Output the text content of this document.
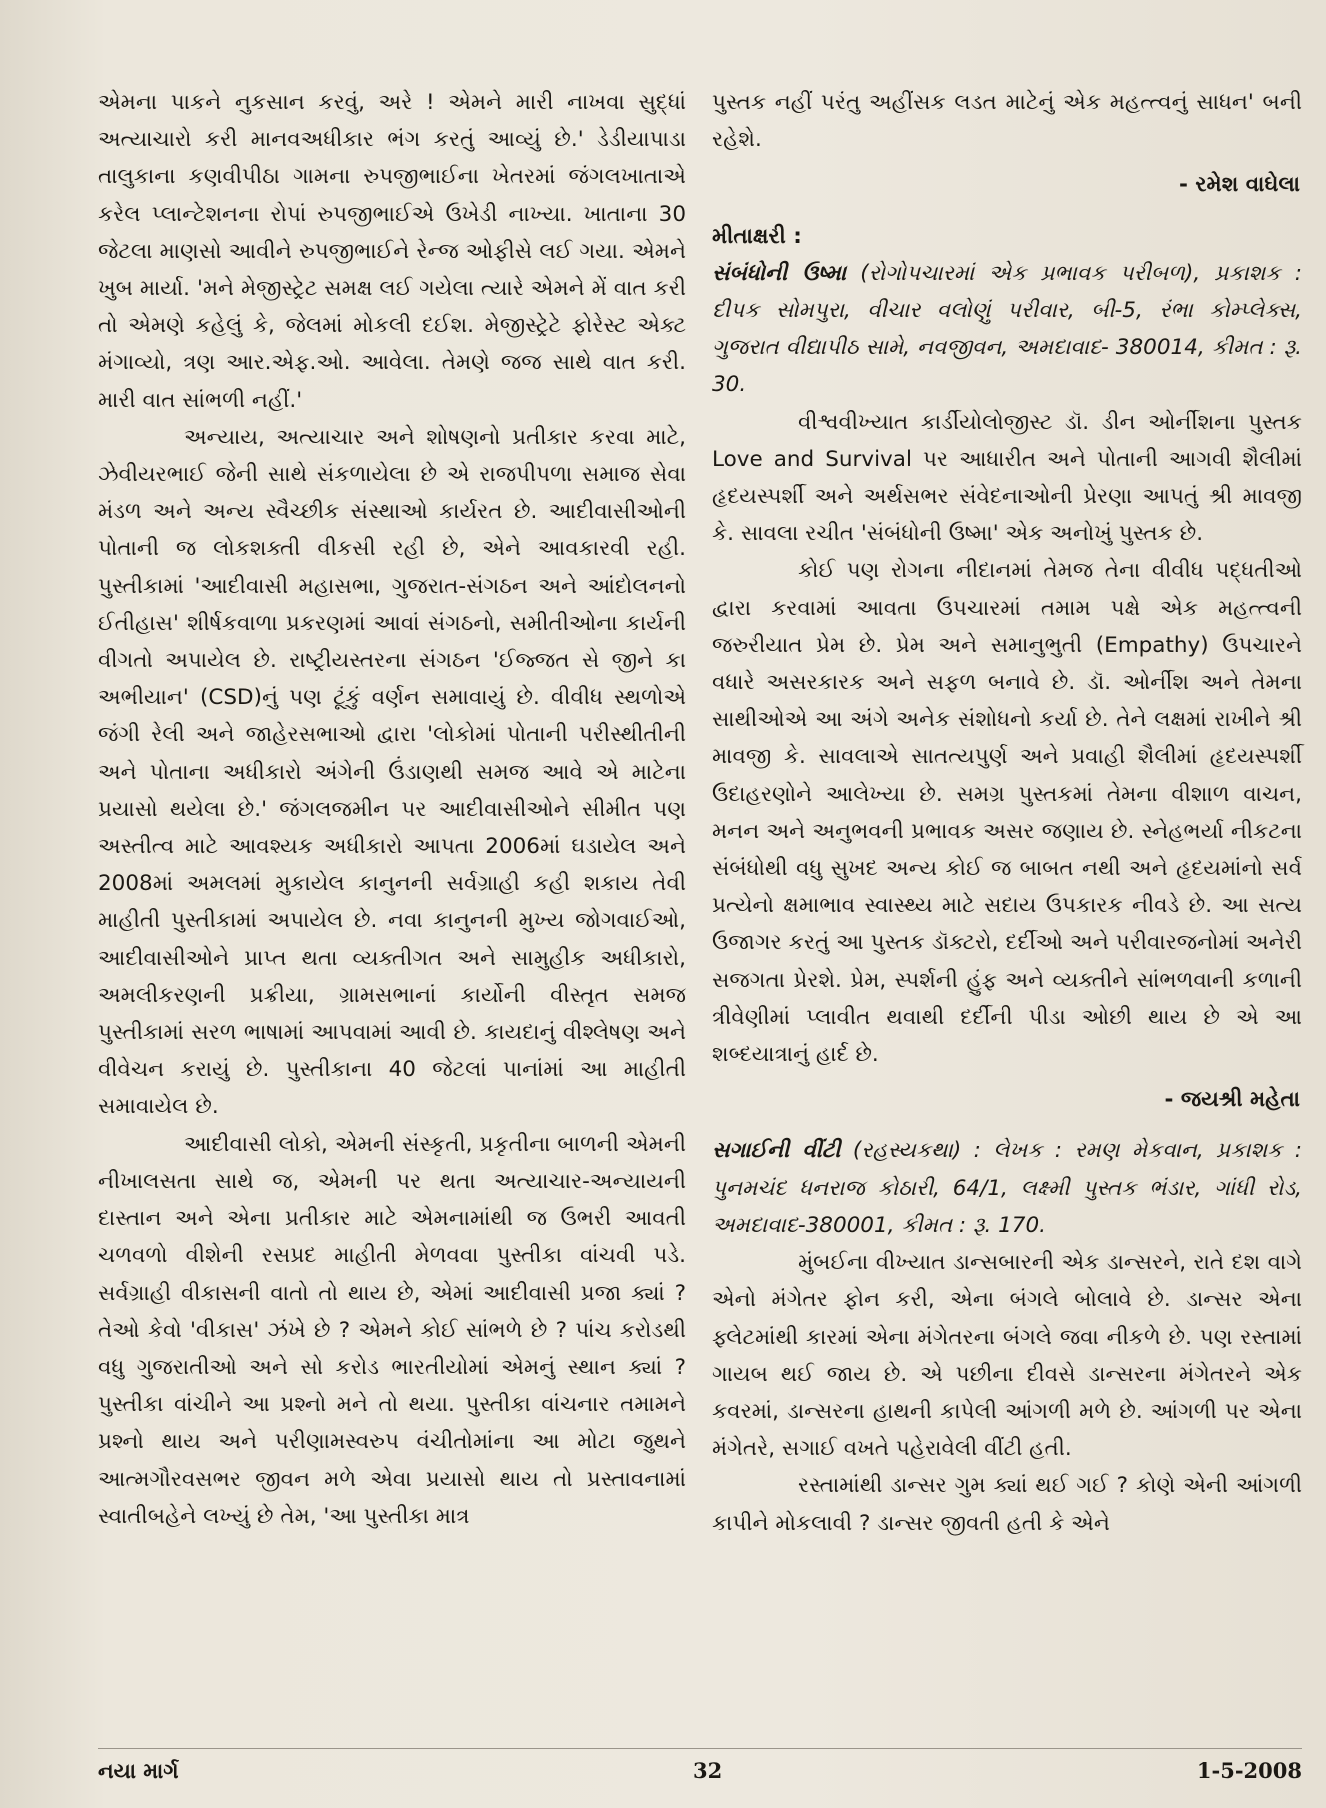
એમના પાકને નુકસાન કરવું, અરે ! એમને મારી નાખવા સુદ્ધાં અત્યાચારો કરી માનવઅધીકાર ભંગ કરતું આવ્યું છે.' ડેડીયાપાડા તાલુકાના કણવીપીઠા ગામના રુપજીભાઈના ખેતરમાં જંગલખાતાએ કરેલ પ્લાન્ટેશનના રોપાં રુપજીભાઈએ ઉખેડી નાખ્યા. ખાતાના 30 જેટલા માણસો આવીને રુપજીભાઈને રેન્જ ઓફીસે લઈ ગયા. એમને ખુબ માર્યા. 'મને મેજીસ્ટ્રેટ સમક્ષ લઈ ગયેલા ત્યારે એમને મેં વાત કરી તો એમણે કહેલું કે, જેલમાં મોકલી દઈશ. મેજીસ્ટ્રેટે ફોરેસ્ટ એક્ટ મંગાવ્યો, ત્રણ આર.એફ.ઓ. આવેલા. તેમણે જજ સાથે વાત કરી. મારી વાત સાંભળી નહીં.'

અન્યાય, અત્યાચાર અને શોષણનો પ્રતીકાર કરવા માટે, ઝેવીયરભાઈ જેની સાથે સંકળાયેલા છે એ રાજપીપળા સમાજ સેવા મંડળ અને અન્ય સ્વૈચ્છીક સંસ્થાઓ કાર્યરત છે. આદીવાસીઓની પોતાની જ લોકશક્તી વીકસી રહી છે, એને આવકારવી રહી. પુસ્તીકામાં 'આદીવાસી મહાસભા, ગુજરાત-સંગઠન અને આંદોલનનો ઈતીહાસ' શીર્ષકવાળા પ્રકરણમાં આવાં સંગઠનો, સમીતીઓના કાર્યની વીગતો અપાયેલ છે. રાષ્ટ્રીયસ્તરના સંગઠન 'ઈજ્જત સે જીને કા અભીયાન' (CSD)નું પણ ટૂંકું વર્ણન સમાવાયું છે. વીવીધ સ્થળોએ જંગી રેલી અને જાહેરસભાઓ દ્વારા 'લોકોમાં પોતાની પરીસ્થીતીની અને પોતાના અધીકારો અંગેની ઉંડાણથી સમજ આવે એ માટેના પ્રયાસો થયેલા છે.' જંગલજમીન પર આદીવાસીઓને સીમીત પણ અસ્તીત્વ માટે આવશ્યક અધીકારો આપતા 2006માં ઘડાયેલ અને 2008માં અમલમાં મુકાયેલ કાનુનની સર્વગ્રાહી કહી શકાય તેવી માહીતી પુસ્તીકામાં અપાયેલ છે. નવા કાનુનની મુખ્ય જોગવાઈઓ, આદીવાસીઓને પ્રાપ્ત થતા વ્યક્તીગત અને સામુહીક અધીકારો, અમલીકરણની પ્રક્રીયા, ગ્રામસભાનાં કાર્યોની વીસ્તૃત સમજ પુસ્તીકામાં સરળ ભાષામાં આપવામાં આવી છે. કાયદાનું વીશ્લેષણ અને વીવેચન કરાયું છે. પુસ્તીકાના 40 જેટલાં પાનાંમાં આ માહીતી સમાવાયેલ છે.

આદીવાસી લોકો, એમની સંસ્કૃતી, પ્રકૃતીના બાળની એમની નીખાલસતા સાથે જ, એમની પર થતા અત્યાચાર-અન્યાયની દાસ્તાન અને એના પ્રતીકાર માટે એમનામાંથી જ ઉભરી આવતી ચળવળો વીશેની રસપ્રદ માહીતી મેળવવા પુસ્તીકા વાંચવી પડે. સર્વગ્રાહી વીકાસની વાતો તો થાય છે, એમાં આદીવાસી પ્રજા ક્યાં ? તેઓ કેવો 'વીકાસ' ઝંખે છે ? એમને કોઈ સાંભળે છે ? પાંચ કરોડથી વધુ ગુજરાતીઓ અને સો કરોડ ભારતીયોમાં એમનું સ્થાન ક્યાં ? પુસ્તીકા વાંચીને આ પ્રશ્નો મને તો થયા. પુસ્તીકા વાંચનાર તમામને પ્રશ્નો થાય અને પરીણામસ્વરુપ વંચીતોમાંના આ મોટા જુથને આત્મગૌરવસભર જીવન મળે એવા પ્રયાસો થાય તો પ્રસ્તાવનામાં સ્વાતીબહેને લખ્યું છે તેમ, 'આ પુસ્તીકા માત્ર

પુસ્તક નહીં પરંતુ અહીંસક લડત માટેનું એક મહત્ત્વનું સાધન' બની રહેશે.

- રમેશ વાઘેલા

મીતાક્ષરી :

સંબંધોની ઉષ્મા (રોગોપચારમાં એક પ્રભાવક પરીબળ), પ્રકાશક : દીપક સોમપુરા, વીચાર વલોણું પરીવાર, બી-5, રંભા કોમ્પ્લેક્સ, ગુજરાત વીદ્યાપીઠ સામે, નવજીવન, અમદાવાદ- 380014, કીમત : રૂ. 30.

વીશ્વવીખ્યાત કાર્ડીયોલોજીસ્ટ ડૉ. ડીન ઓર્નીશના પુસ્તક Love and Survival પર આધારીત અને પોતાની આગવી શૈલીમાં હૃદયસ્પર્શી અને અર્થસભર સંવેદનાઓની પ્રેરણા આપતું શ્રી માવજી કે. સાવલા રચીત 'સંબંધોની ઉષ્મા' એક અનોખું પુસ્તક છે.

કોઈ પણ રોગના નીદાનમાં તેમજ તેના વીવીધ પદ્ધતીઓ દ્વારા કરવામાં આવતા ઉપચારમાં તમામ પક્ષે એક મહત્ત્વની જરુરીયાત પ્રેમ છે. પ્રેમ અને સમાનુભુતી (Empathy) ઉપચારને વધારે અસરકારક અને સફળ બનાવે છે. ડૉ. ઓર્નીશ અને તેમના સાથીઓએ આ અંગે અનેક સંશોધનો કર્યા છે. તેને લક્ષમાં રાખીને શ્રી માવજી કે. સાવલાએ સાતત્યપુર્ણ અને પ્રવાહી શૈલીમાં હૃદયસ્પર્શી ઉદાહરણોને આલેખ્યા છે. સમગ્ર પુસ્તકમાં તેમના વીશાળ વાચન, મનન અને અનુભવની પ્રભાવક અસર જણાય છે. સ્નેહભર્યા નીકટના સંબંધોથી વધુ સુખદ અન્ય કોઈ જ બાબત નથી અને હૃદયમાંનો સર્વ પ્રત્યેનો ક્ષમાભાવ સ્વાસ્થ્ય માટે સદાય ઉપકારક નીવડે છે. આ સત્ય ઉજાગર કરતું આ પુસ્તક ડૉક્ટરો, દર્દીઓ અને પરીવારજનોમાં અનેરી સજગતા પ્રેરશે. પ્રેમ, સ્પર્શની હુંફ અને વ્યક્તીને સાંભળવાની કળાની ત્રીવેણીમાં પ્લાવીત થવાથી દર્દીની પીડા ઓછી થાય છે એ આ શબ્દયાત્રાનું હાર્દ છે.

- જયશ્રી મહેતા

સગાઈની વીંટી (રહસ્યકથા) : લેખક : રમણ મેકવાન, પ્રકાશક : પુનમચંદ ધનરાજ કોઠારી, 64/1, લક્ષ્મી પુસ્તક ભંડાર, ગાંધી રોડ, અમદાવાદ-380001, કીમત : રૂ. 170.

મુંબઈના વીખ્યાત ડાન્સબારની એક ડાન્સરને, રાતે દશ વાગે એનો મંગેતર ફોન કરી, એના બંગલે બોલાવે છે. ડાન્સર એના ફ્લેટમાંથી કારમાં એના મંગેતરના બંગલે જવા નીકળે છે. પણ રસ્તામાં ગાયબ થઈ જાય છે. એ પછીના દીવસે ડાન્સરના મંગેતરને એક કવરમાં, ડાન્સરના હાથની કાપેલી આંગળી મળે છે. આંગળી પર એના મંગેતરે, સગાઈ વખતે પહેરાવેલી વીંટી હતી.

રસ્તામાંથી ડાન્સર ગુમ ક્યાં થઈ ગઈ ? કોણે એની આંગળી કાપીને મોકલાવી ? ડાન્સર જીવતી હતી કે એને

નયા માર્ગ	32	1-5-2008
